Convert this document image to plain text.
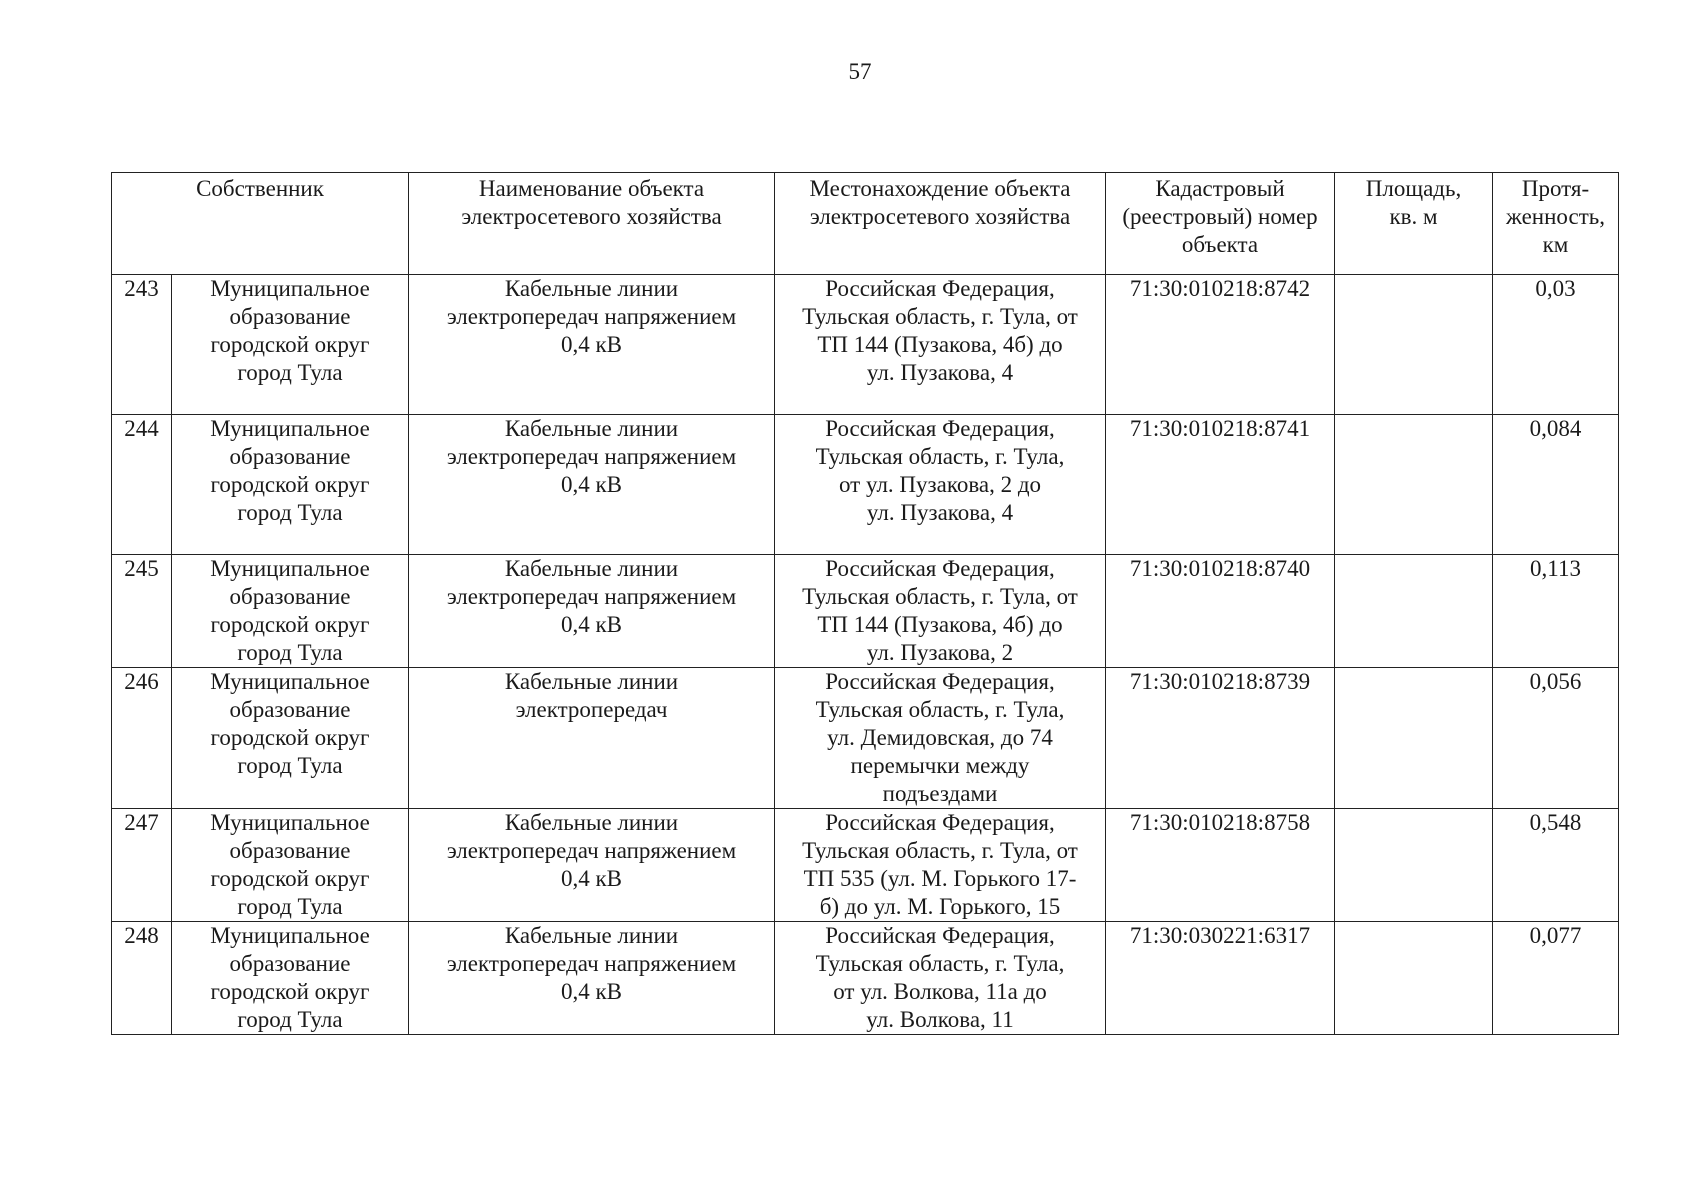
57
Собственник		Наименование объекта
электросетевого хозяйства	Местонахождение объекта
электросетевого хозяйства	Кадастровый
(реестровый) номер
объекта	Площадь,
кв. м	Протя-
женность,
км
243	Муниципальное
образование
городской округ
город Тула	Кабельные линии
электропередач напряжением
0,4 кВ	Российская Федерация,
Тульская область, г. Тула, от
ТП 144 (Пузакова, 4б) до
ул. Пузакова, 4	71:30:010218:8742		0,03
244	Муниципальное
образование
городской округ
город Тула	Кабельные линии
электропередач напряжением
0,4 кВ	Российская Федерация,
Тульская область, г. Тула,
от ул. Пузакова, 2 до
ул. Пузакова, 4	71:30:010218:8741		0,084
245	Муниципальное
образование
городской округ
город Тула	Кабельные линии
электропередач напряжением
0,4 кВ	Российская Федерация,
Тульская область, г. Тула, от
ТП 144 (Пузакова, 4б) до
ул. Пузакова, 2	71:30:010218:8740		0,113
246	Муниципальное
образование
городской округ
город Тула	Кабельные линии
электропередач	Российская Федерация,
Тульская область, г. Тула,
ул. Демидовская, до 74
перемычки между
подъездами	71:30:010218:8739		0,056
247	Муниципальное
образование
городской округ
город Тула	Кабельные линии
электропередач напряжением
0,4 кВ	Российская Федерация,
Тульская область, г. Тула, от
ТП 535 (ул. М. Горького 17-
б) до ул. М. Горького, 15	71:30:010218:8758		0,548
248	Муниципальное
образование
городской округ
город Тула	Кабельные линии
электропередач напряжением
0,4 кВ	Российская Федерация,
Тульская область, г. Тула,
от ул. Волкова, 11а до
ул. Волкова, 11	71:30:030221:6317		0,077
